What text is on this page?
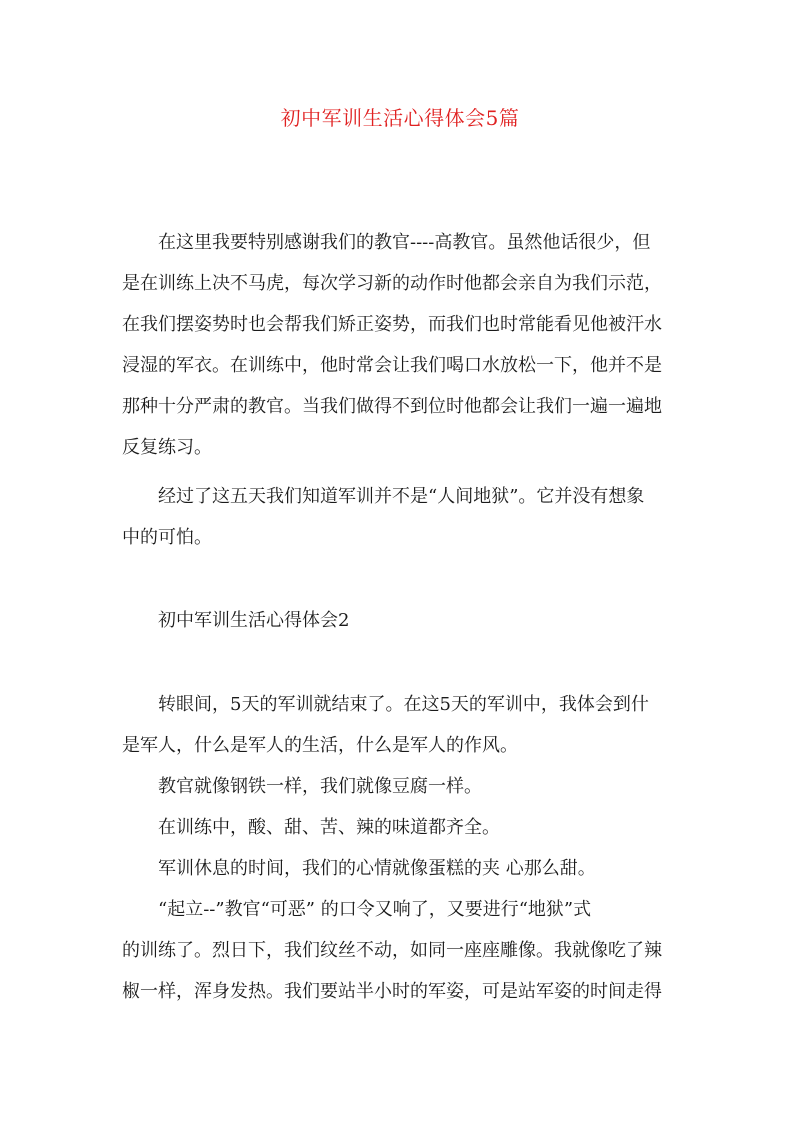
初中军训生活心得体会5篇

在这里我要特别感谢我们的教官----高教官。虽然他话很少，但
是在训练上决不马虎，每次学习新的动作时他都会亲自为我们示范，
在我们摆姿势时也会帮我们矫正姿势，而我们也时常能看见他被汗水
浸湿的军衣。在训练中，他时常会让我们喝口水放松一下，他并不是
那种十分严肃的教官。当我们做得不到位时他都会让我们一遍一遍地
反复练习。

经过了这五天我们知道军训并不是“人间地狱”。它并没有想象
中的可怕。

初中军训生活心得体会2

转眼间，5天的军训就结束了。在这5天的军训中，我体会到什
是军人，什么是军人的生活，什么是军人的作风。

教官就像钢铁一样，我们就像豆腐一样。

在训练中，酸、甜、苦、辣的味道都齐全。

军训休息的时间，我们的心情就像蛋糕的夹 心那么甜。

“起立--”教官“可恶” 的口令又响了，又要进行“地狱”式
的训练了。烈日下，我们纹丝不动，如同一座座雕像。我就像吃了辣
椒一样，浑身发热。我们要站半小时的军姿，可是站军姿的时间走得
